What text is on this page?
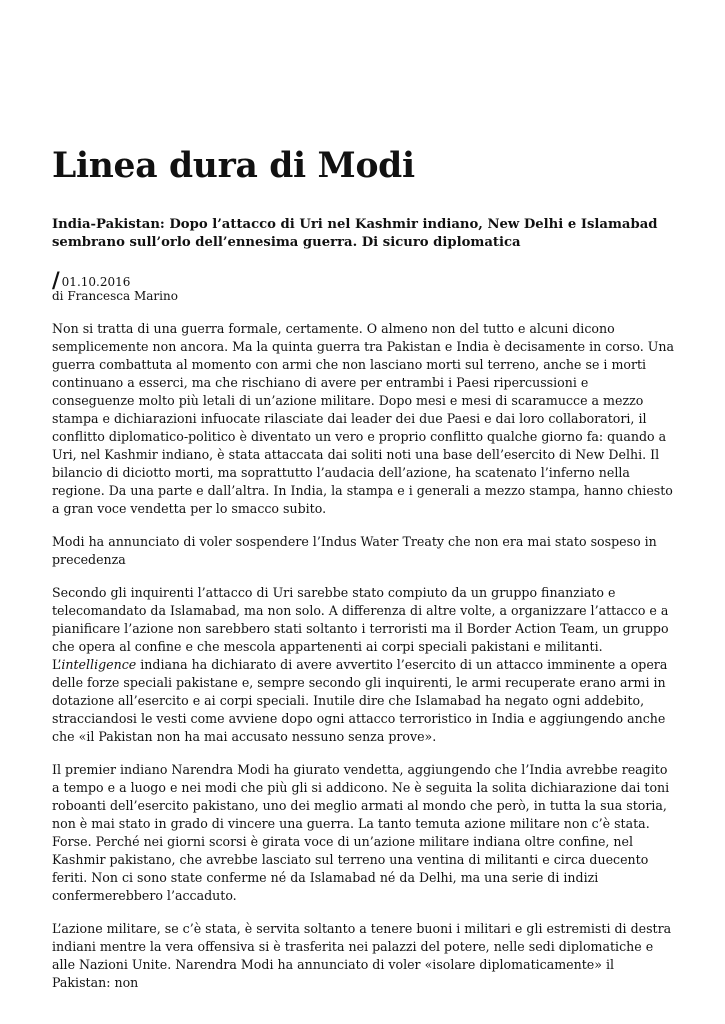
Linea dura di Modi
India-Pakistan: Dopo l’attacco di Uri nel Kashmir indiano, New Delhi e Islamabad sembrano sull’orlo dell’ennesima guerra. Di sicuro diplomatica
/ 01.10.2016
di Francesca Marino

Non si tratta di una guerra formale, certamente. O almeno non del tutto e alcuni dicono semplicemente non ancora. Ma la quinta guerra tra Pakistan e India è decisamente in corso. Una guerra combattuta al momento con armi che non lasciano morti sul terreno, anche se i morti continuano a esserci, ma che rischiano di avere per entrambi i Paesi ripercussioni e conseguenze molto più letali di un’azione militare. Dopo mesi e mesi di scaramucce a mezzo stampa e dichiarazioni infuocate rilasciate dai leader dei due Paesi e dai loro collaboratori, il conflitto diplomatico-politico è diventato un vero e proprio conflitto qualche giorno fa: quando a Uri, nel Kashmir indiano, è stata attaccata dai soliti noti una base dell’esercito di New Delhi. Il bilancio di diciotto morti, ma soprattutto l’audacia dell’azione, ha scatenato l’inferno nella regione. Da una parte e dall’altra. In India, la stampa e i generali a mezzo stampa, hanno chiesto a gran voce vendetta per lo smacco subito.

Modi ha annunciato di voler sospendere l’Indus Water Treaty che non era mai stato sospeso in precedenza

Secondo gli inquirenti l’attacco di Uri sarebbe stato compiuto da un gruppo finanziato e telecomandato da Islamabad, ma non solo. A differenza di altre volte, a organizzare l’attacco e a pianificare l’azione non sarebbero stati soltanto i terroristi ma il Border Action Team, un gruppo che opera al confine e che mescola appartenenti ai corpi speciali pakistani e militanti. L’intelligence indiana ha dichiarato di avere avvertito l’esercito di un attacco imminente a opera delle forze speciali pakistane e, sempre secondo gli inquirenti, le armi recuperate erano armi in dotazione all’esercito e ai corpi speciali. Inutile dire che Islamabad ha negato ogni addebito, stracciandosi le vesti come avviene dopo ogni attacco terroristico in India e aggiungendo anche che «il Pakistan non ha mai accusato nessuno senza prove».

Il premier indiano Narendra Modi ha giurato vendetta, aggiungendo che l’India avrebbe reagito a tempo e a luogo e nei modi che più gli si addicono. Ne è seguita la solita dichiarazione dai toni roboanti dell’esercito pakistano, uno dei meglio armati al mondo che però, in tutta la sua storia, non è mai stato in grado di vincere una guerra. La tanto temuta azione militare non c’è stata. Forse. Perché nei giorni scorsi è girata voce di un’azione militare indiana oltre confine, nel Kashmir pakistano, che avrebbe lasciato sul terreno una ventina di militanti e circa duecento feriti. Non ci sono state conferme né da Islamabad né da Delhi, ma una serie di indizi confermerebbero l’accaduto.

L’azione militare, se c’è stata, è servita soltanto a tenere buoni i militari e gli estremisti di destra indiani mentre la vera offensiva si è trasferita nei palazzi del potere, nelle sedi diplomatiche e alle Nazioni Unite. Narendra Modi ha annunciato di voler «isolare diplomaticamente» il Pakistan: non
